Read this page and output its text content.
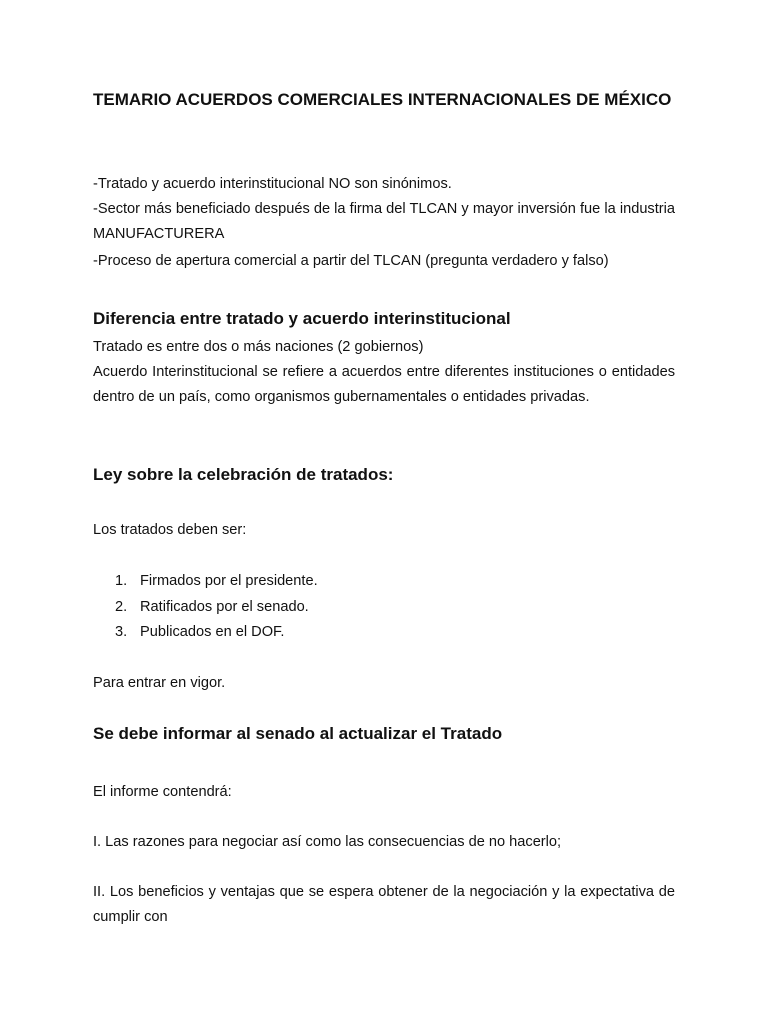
TEMARIO ACUERDOS COMERCIALES INTERNACIONALES DE MÉXICO

-Tratado y acuerdo interinstitucional NO son sinónimos.

-Sector más beneficiado después de la firma del TLCAN y mayor inversión fue la industria MANUFACTURERA

-Proceso de apertura comercial a partir del TLCAN (pregunta verdadero y falso)

Diferencia entre tratado y acuerdo interinstitucional

Tratado es entre dos o más naciones (2 gobiernos)

Acuerdo Interinstitucional se refiere a acuerdos entre diferentes instituciones o entidades dentro de un país, como organismos gubernamentales o entidades privadas.

Ley sobre la celebración de tratados:

Los tratados deben ser:

1. Firmados por el presidente.
2. Ratificados por el senado.
3. Publicados en el DOF.

Para entrar en vigor.

Se debe informar al senado al actualizar el Tratado

El informe contendrá:

I. Las razones para negociar así como las consecuencias de no hacerlo;

II. Los beneficios y ventajas que se espera obtener de la negociación y la expectativa de cumplir con
